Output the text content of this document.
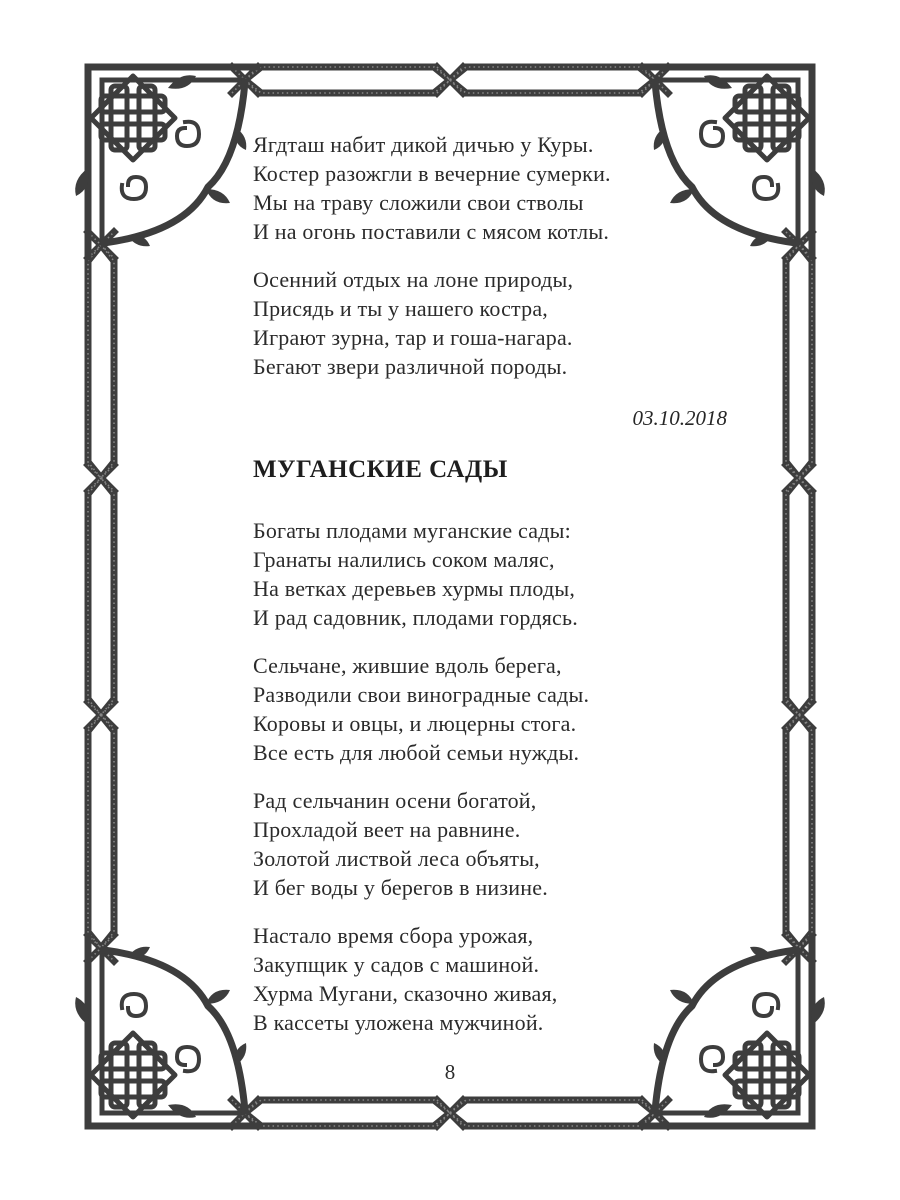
Ягдташ набит дикой дичью у Куры.
Костер разожгли в вечерние сумерки.
Мы на траву сложили свои стволы
И на огонь поставили с мясом котлы.
Осенний отдых на лоне природы,
Присядь и ты у нашего костра,
Играют зурна, тар и гоша-нагара.
Бегают звери различной породы.
03.10.2018
МУГАНСКИЕ САДЫ
Богаты плодами муганские сады:
Гранаты налились соком маляс,
На ветках деревьев хурмы плоды,
И рад садовник, плодами гордясь.
Сельчане, жившие вдоль берега,
Разводили свои виноградные сады.
Коровы и овцы, и люцерны стога.
Все есть для любой семьи нужды.
Рад сельчанин осени богатой,
Прохладой веет на равнине.
Золотой листвой леса объяты,
И бег воды у берегов в низине.
Настало время сбора урожая,
Закупщик у садов с машиной.
Хурма Мугани, сказочно живая,
В кассеты уложена мужчиной.
8
